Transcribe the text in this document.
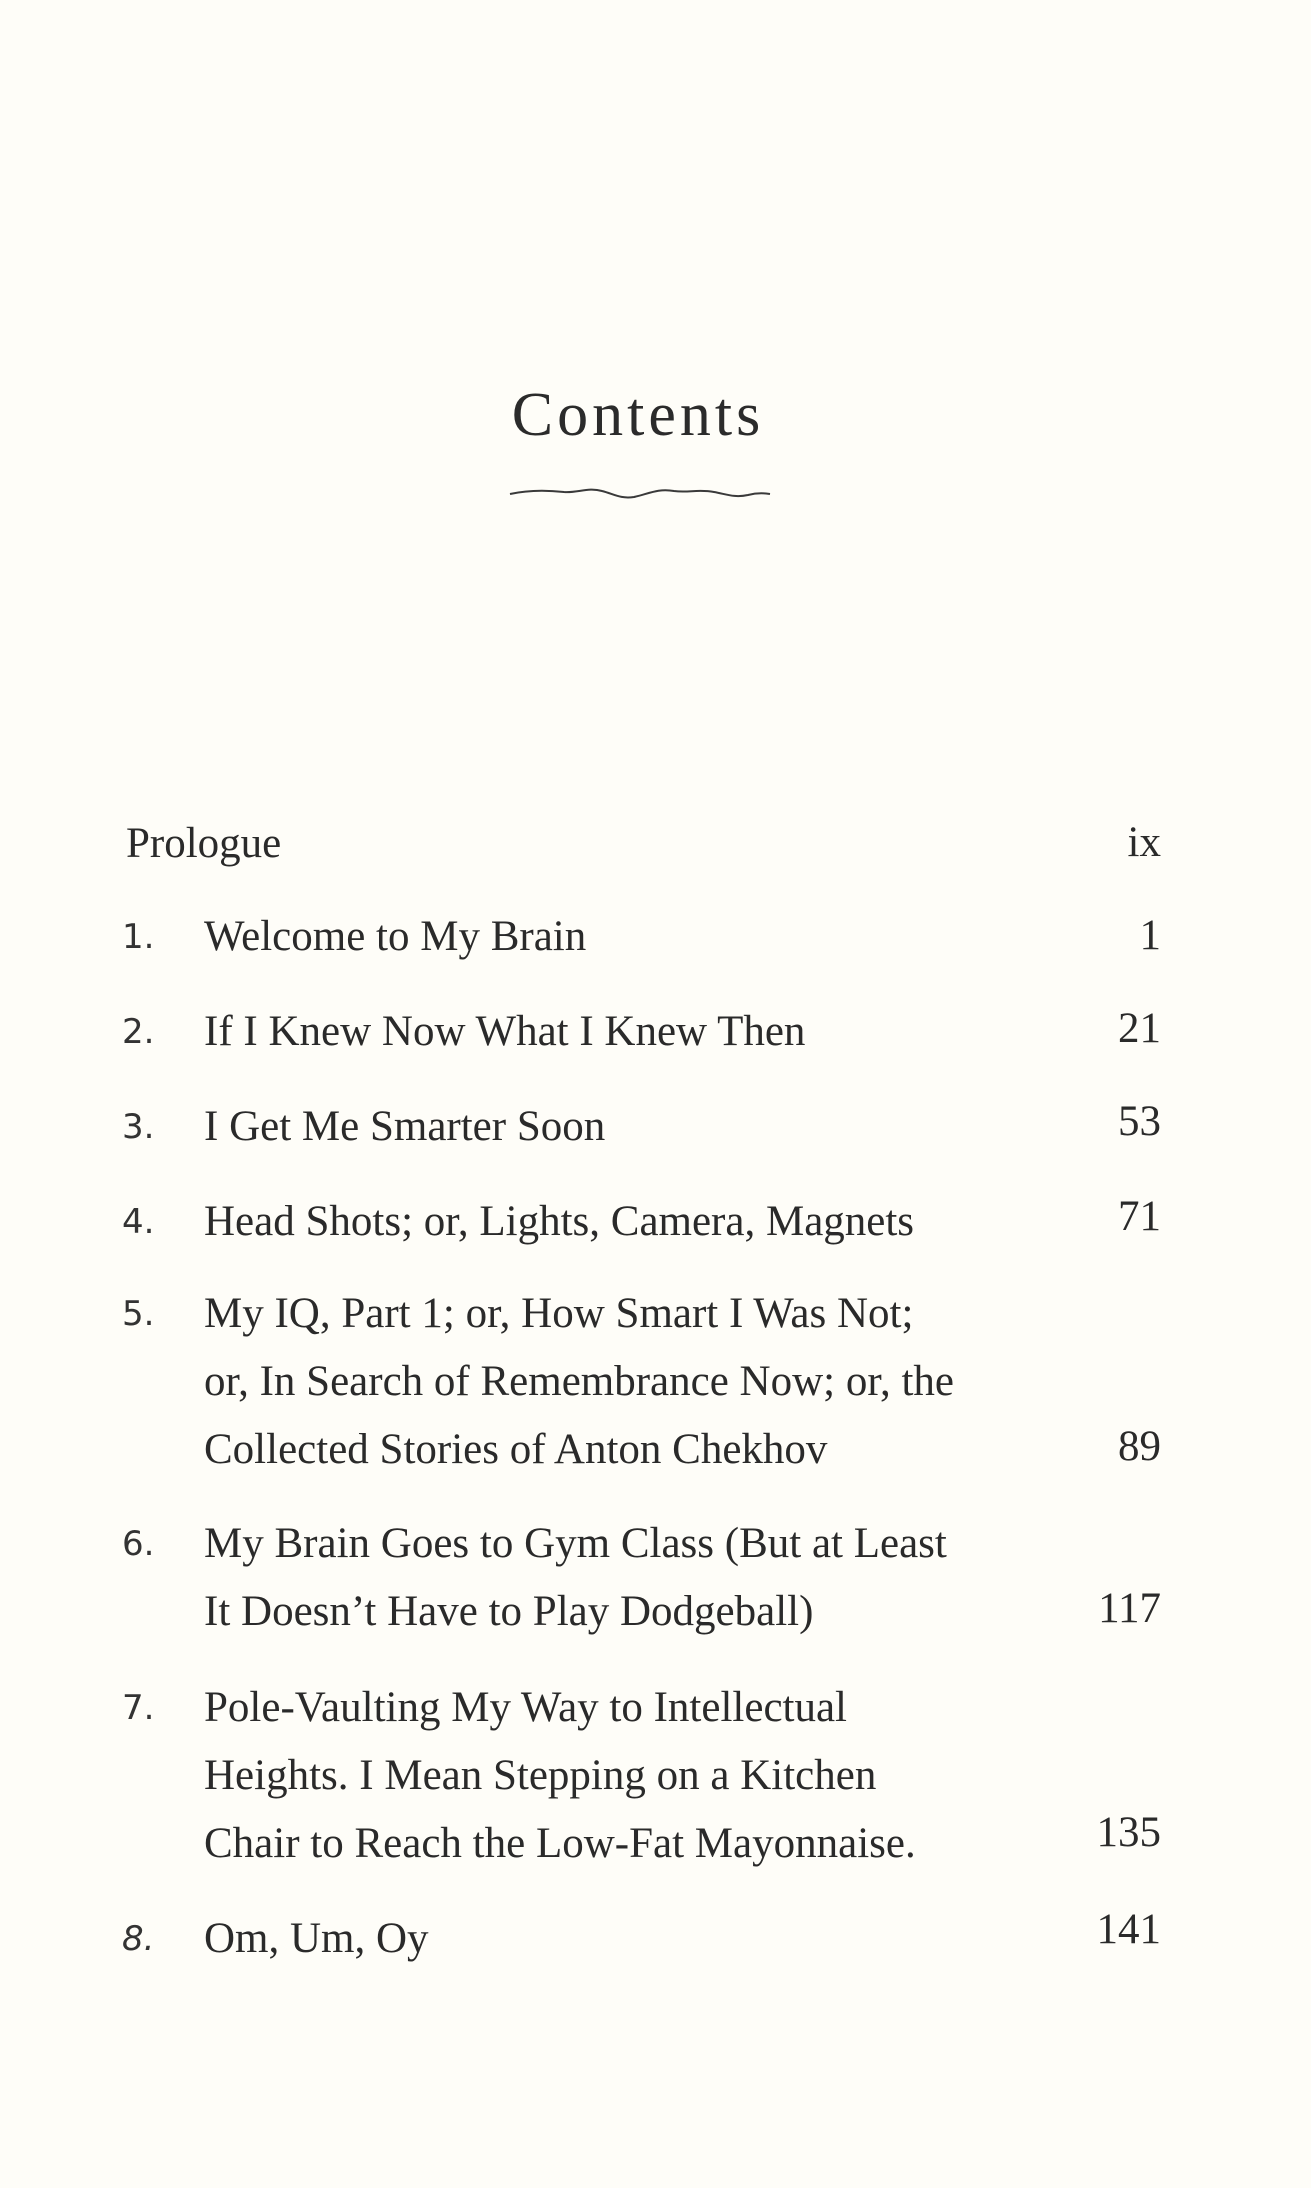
Contents

Prologue	ix
1. Welcome to My Brain	1
2. If I Knew Now What I Knew Then	21
3. I Get Me Smarter Soon	53
4. Head Shots; or, Lights, Camera, Magnets	71
5. My IQ, Part 1; or, How Smart I Was Not;
or, In Search of Remembrance Now; or, the
Collected Stories of Anton Chekhov	89
6. My Brain Goes to Gym Class (But at Least
It Doesn’t Have to Play Dodgeball)	117
7. Pole-Vaulting My Way to Intellectual
Heights. I Mean Stepping on a Kitchen
Chair to Reach the Low-Fat Mayonnaise.	135
8. Om, Um, Oy	141
